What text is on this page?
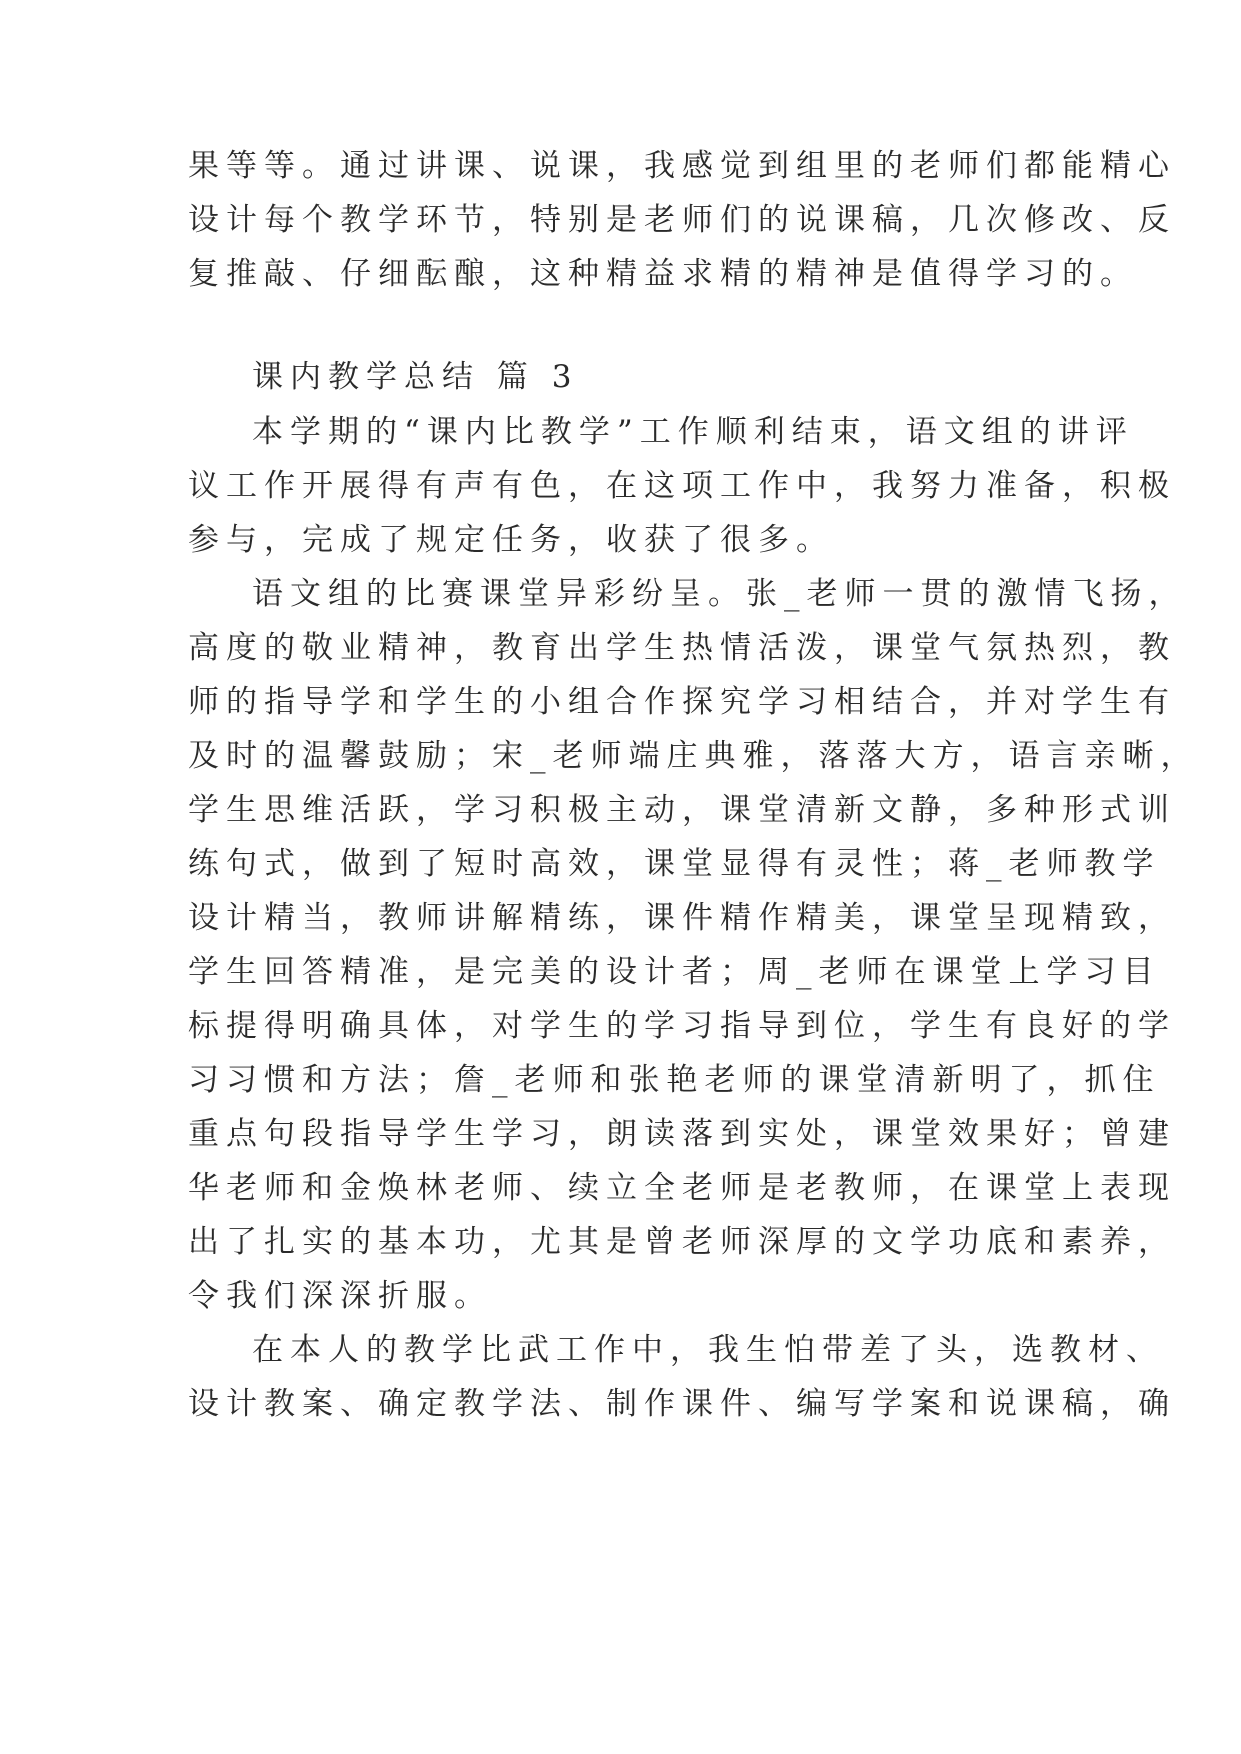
果等等。通过讲课、说课，我感觉到组里的老师们都能精心
设计每个教学环节，特别是老师们的说课稿，几次修改、反
复推敲、仔细酝酿，这种精益求精的精神是值得学习的。
课内教学总结 篇 3
本学期的“课内比教学”工作顺利结束，语文组的讲评
议工作开展得有声有色，在这项工作中，我努力准备，积极
参与，完成了规定任务，收获了很多。
语文组的比赛课堂异彩纷呈。张_老师一贯的激情飞扬，
高度的敬业精神，教育出学生热情活泼，课堂气氛热烈，教
师的指导学和学生的小组合作探究学习相结合，并对学生有
及时的温馨鼓励；宋_老师端庄典雅，落落大方，语言亲晰，
学生思维活跃，学习积极主动，课堂清新文静，多种形式训
练句式，做到了短时高效，课堂显得有灵性；蒋_老师教学
设计精当，教师讲解精练，课件精作精美，课堂呈现精致，
学生回答精准，是完美的设计者；周_老师在课堂上学习目
标提得明确具体，对学生的学习指导到位，学生有良好的学
习习惯和方法；詹_老师和张艳老师的课堂清新明了，抓住
重点句段指导学生学习，朗读落到实处，课堂效果好；曾建
华老师和金焕林老师、续立全老师是老教师，在课堂上表现
出了扎实的基本功，尤其是曾老师深厚的文学功底和素养，
令我们深深折服。
在本人的教学比武工作中，我生怕带差了头，选教材、
设计教案、确定教学法、制作课件、编写学案和说课稿，确
